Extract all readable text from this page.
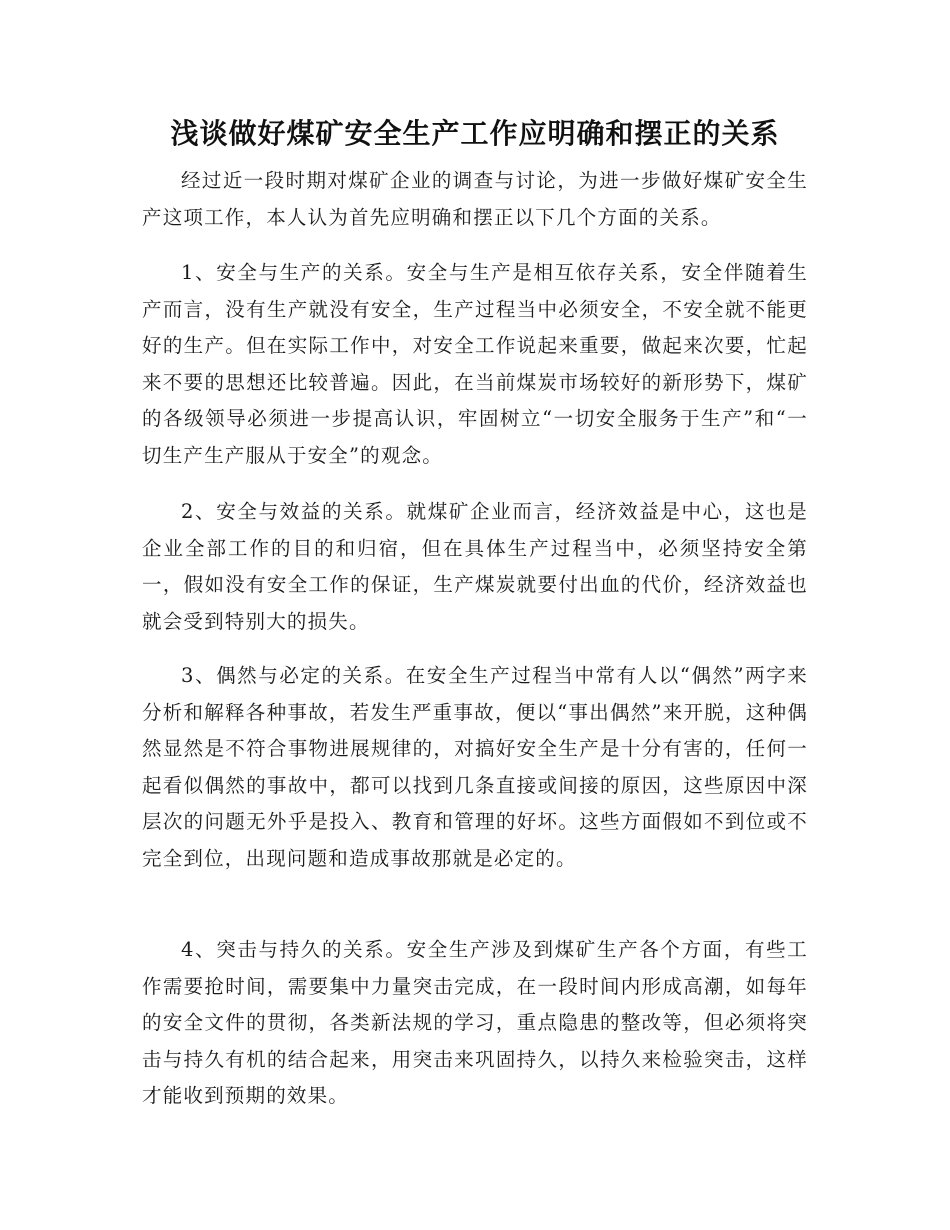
浅谈做好煤矿安全生产工作应明确和摆正的关系

经过近一段时期对煤矿企业的调查与讨论，为进一步做好煤矿安全生产这项工作，本人认为首先应明确和摆正以下几个方面的关系。

1、安全与生产的关系。安全与生产是相互依存关系，安全伴随着生产而言，没有生产就没有安全，生产过程当中必须安全，不安全就不能更好的生产。但在实际工作中，对安全工作说起来重要，做起来次要，忙起来不要的思想还比较普遍。因此，在当前煤炭市场较好的新形势下，煤矿的各级领导必须进一步提高认识，牢固树立“一切安全服务于生产”和“一切生产生产服从于安全”的观念。

2、安全与效益的关系。就煤矿企业而言，经济效益是中心，这也是企业全部工作的目的和归宿，但在具体生产过程当中，必须坚持安全第一，假如没有安全工作的保证，生产煤炭就要付出血的代价，经济效益也就会受到特别大的损失。

3、偶然与必定的关系。在安全生产过程当中常有人以“偶然”两字来分析和解释各种事故，若发生严重事故，便以“事出偶然”来开脱，这种偶然显然是不符合事物进展规律的，对搞好安全生产是十分有害的，任何一起看似偶然的事故中，都可以找到几条直接或间接的原因，这些原因中深层次的问题无外乎是投入、教育和管理的好坏。这些方面假如不到位或不完全到位，出现问题和造成事故那就是必定的。

4、突击与持久的关系。安全生产涉及到煤矿生产各个方面，有些工作需要抢时间，需要集中力量突击完成，在一段时间内形成高潮，如每年的安全文件的贯彻，各类新法规的学习，重点隐患的整改等，但必须将突击与持久有机的结合起来，用突击来巩固持久，以持久来检验突击，这样才能收到预期的效果。
